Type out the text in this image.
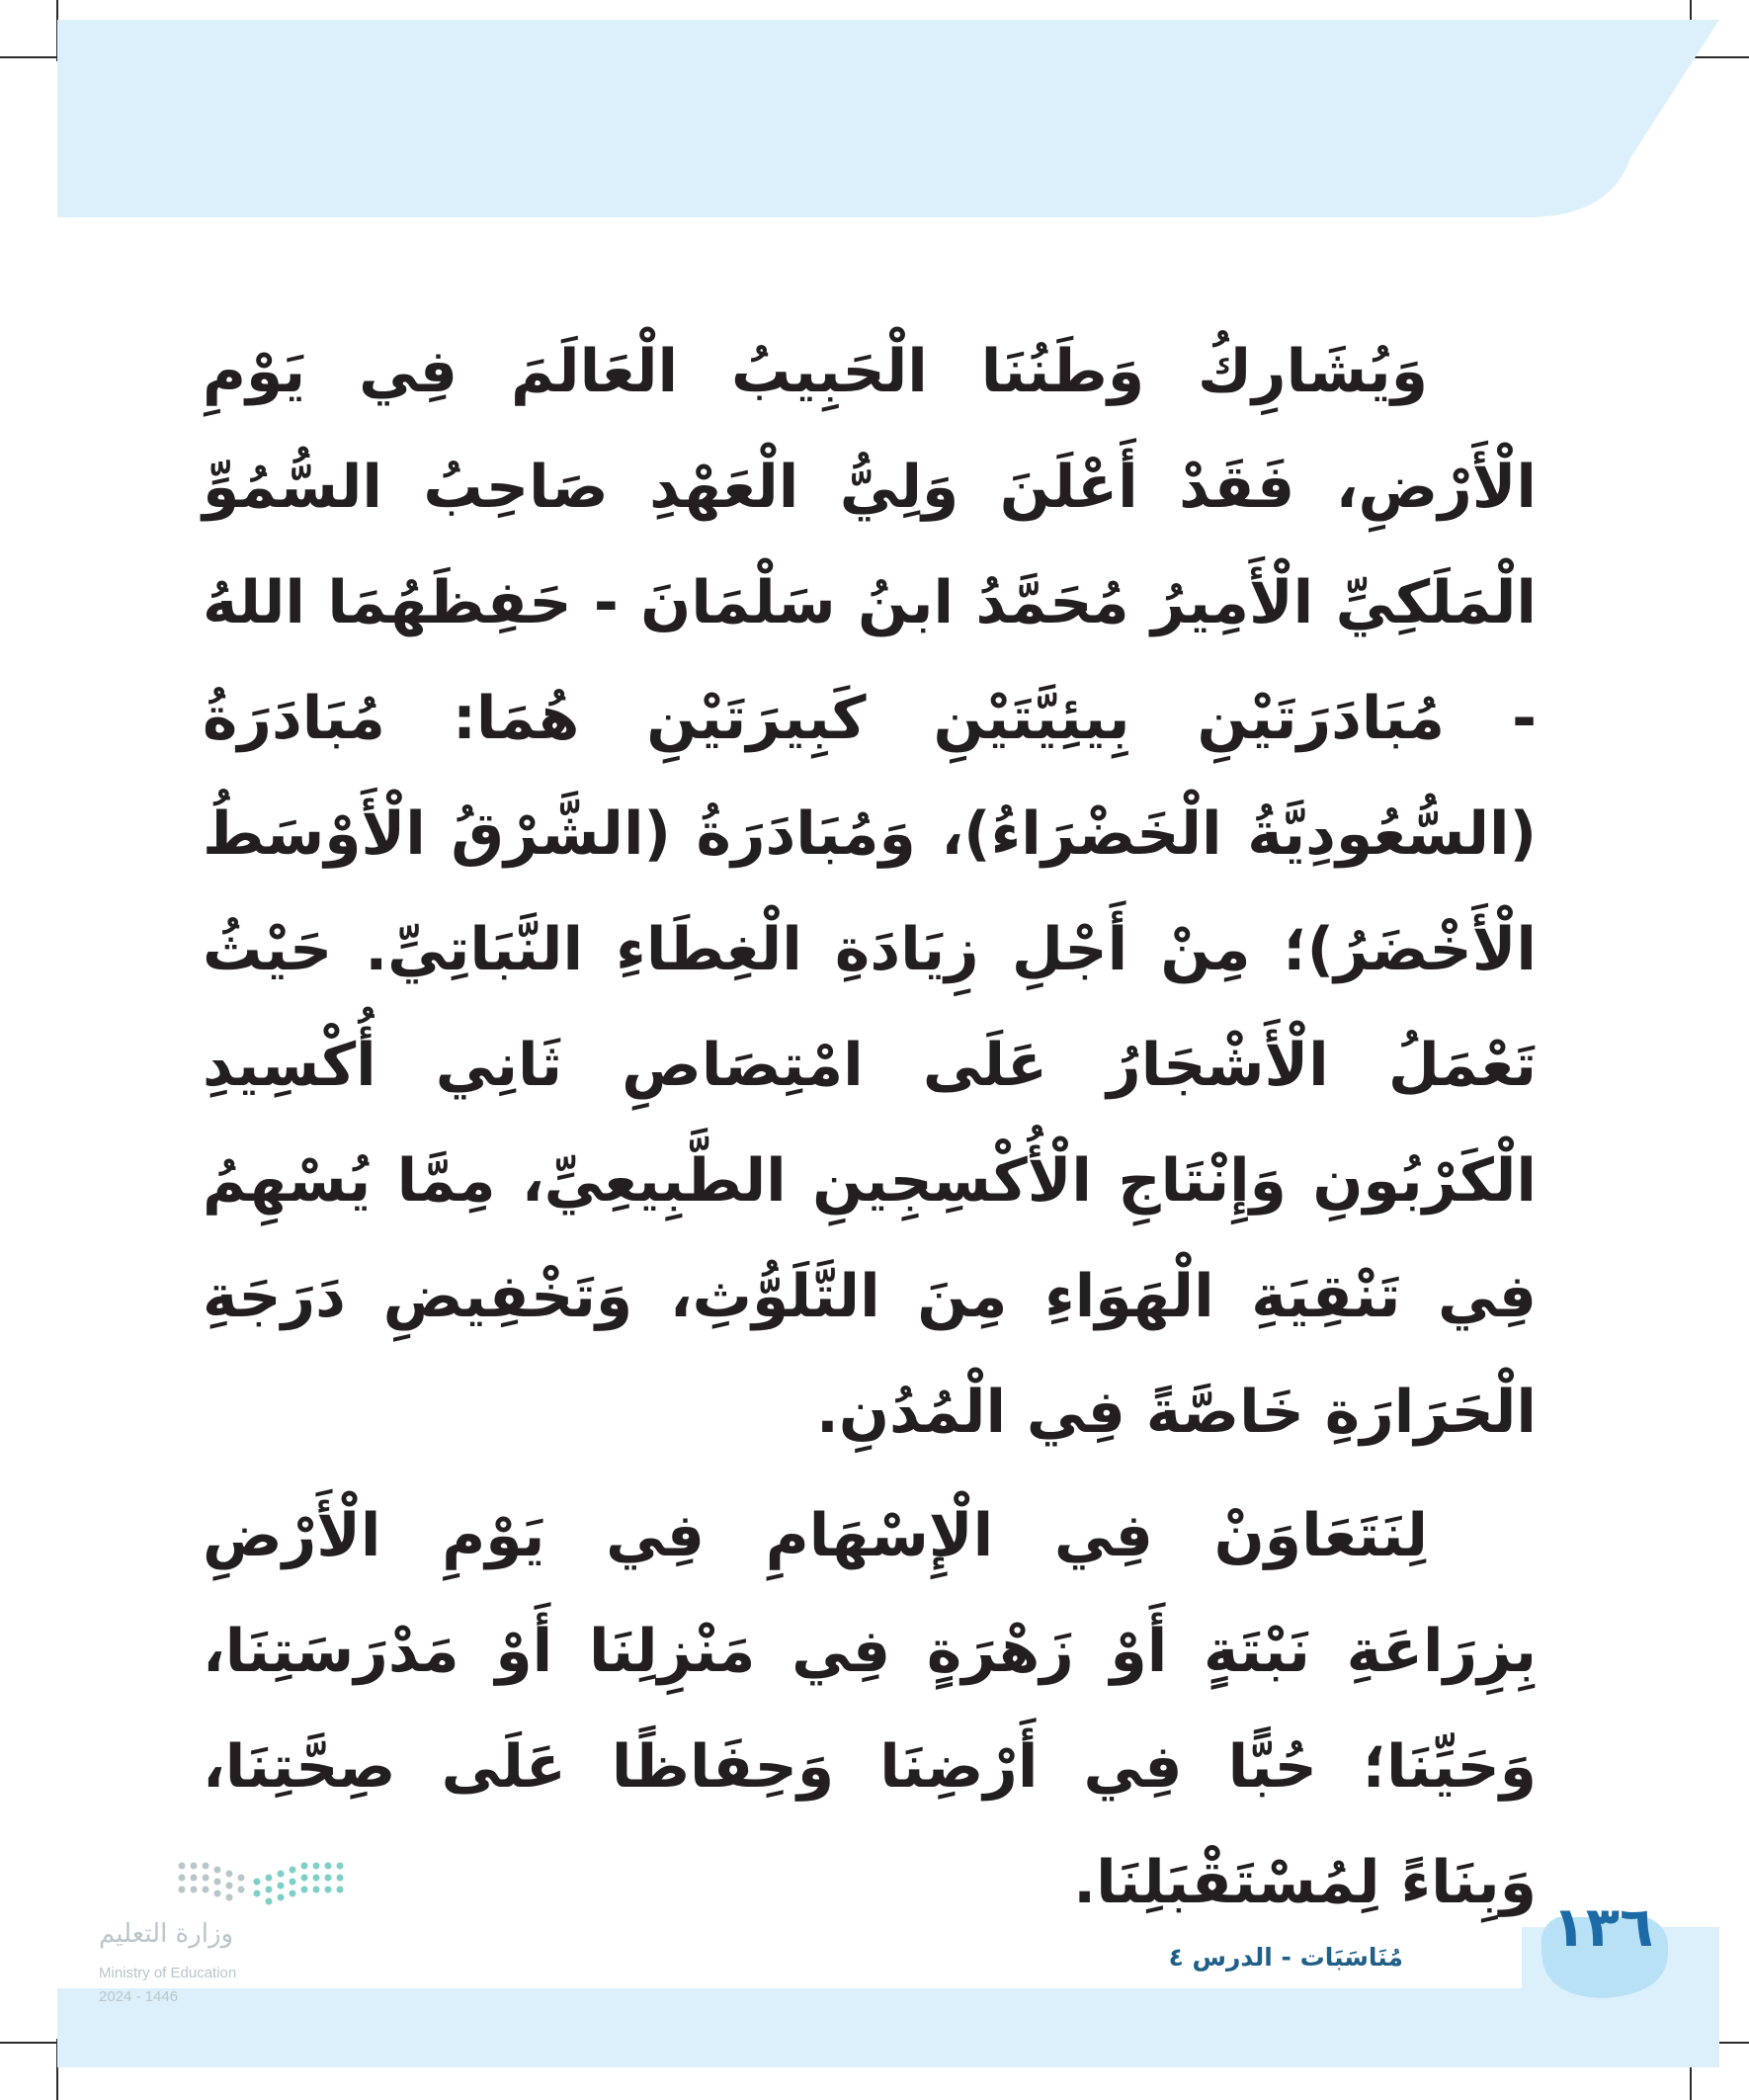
وَيُشَارِكُ وَطَنُنَا الْحَبِيبُ الْعَالَمَ فِي يَوْمِ الْأَرْضِ، فَقَدْ أَعْلَنَ وَلِيُّ الْعَهْدِ صَاحِبُ السُّمُوِّ الْمَلَكِيِّ الْأَمِيرُ مُحَمَّدُ ابنُ سَلْمَانَ - حَفِظَهُمَا اللهُ - مُبَادَرَتَيْنِ بِيئِيَّتَيْنِ كَبِيرَتَيْنِ هُمَا: مُبَادَرَةُ (السُّعُودِيَّةُ الْخَضْرَاءُ)، وَمُبَادَرَةُ (الشَّرْقُ الْأَوْسَطُ الْأَخْضَرُ)؛ مِنْ أَجْلِ زِيَادَةِ الْغِطَاءِ النَّبَاتِيِّ. حَيْثُ تَعْمَلُ الْأَشْجَارُ عَلَى امْتِصَاصِ ثَانِي أُكْسِيدِ الْكَرْبُونِ وَإِنْتَاجِ الْأُكْسِجِينِ الطَّبِيعِيِّ، مِمَّا يُسْهِمُ فِي تَنْقِيَةِ الْهَوَاءِ مِنَ التَّلَوُّثِ، وَتَخْفِيضِ دَرَجَةِ الْحَرَارَةِ خَاصَّةً فِي الْمُدُنِ.

لِنَتَعَاوَنْ فِي الْإِسْهَامِ فِي يَوْمِ الْأَرْضِ بِزِرَاعَةِ نَبْتَةٍ أَوْ زَهْرَةٍ فِي مَنْزِلِنَا أَوْ مَدْرَسَتِنَا، وَحَيِّنَا؛ حُبًّا فِي أَرْضِنَا وَحِفَاظًا عَلَى صِحَّتِنَا، وَبِنَاءً لِمُسْتَقْبَلِنَا.

١٣٦
مُنَاسَبَات - الدرس ٤
وزارة التعليم
Ministry of Education
2024 - 1446
